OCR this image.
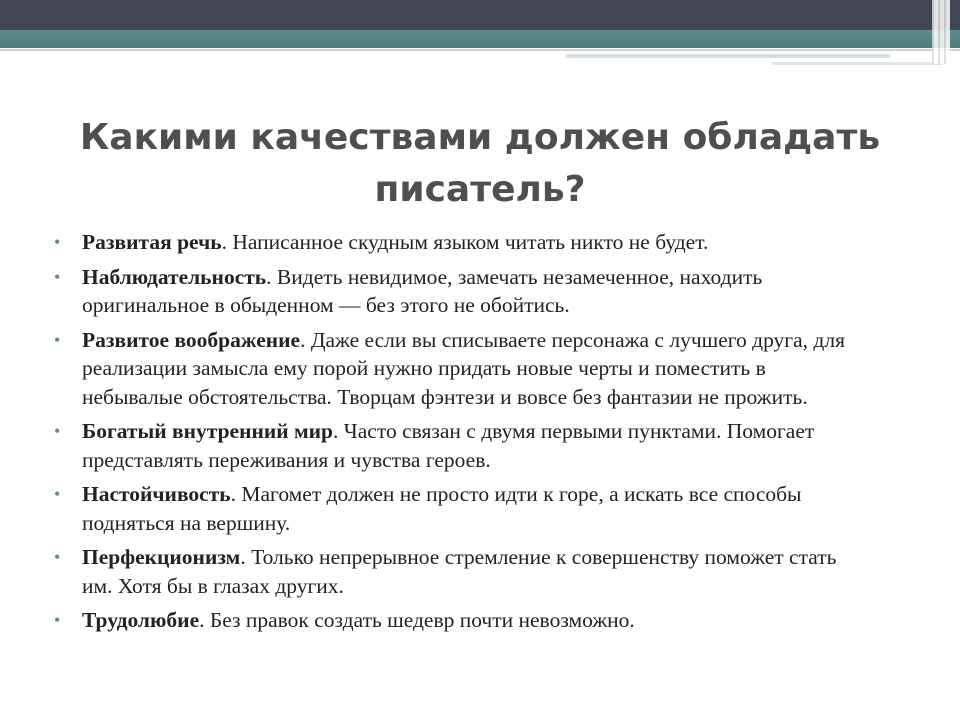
Какими качествами должен обладать писатель?
• Развитая речь. Написанное скудным языком читать никто не будет.
• Наблюдательность. Видеть невидимое, замечать незамеченное, находить оригинальное в обыденном — без этого не обойтись.
• Развитое воображение. Даже если вы списываете персонажа с лучшего друга, для реализации замысла ему порой нужно придать новые черты и поместить в небывалые обстоятельства. Творцам фэнтези и вовсе без фантазии не прожить.
• Богатый внутренний мир. Часто связан с двумя первыми пунктами. Помогает представлять переживания и чувства героев.
• Настойчивость. Магомет должен не просто идти к горе, а искать все способы подняться на вершину.
• Перфекционизм. Только непрерывное стремление к совершенству поможет стать им. Хотя бы в глазах других.
• Трудолюбие. Без правок создать шедевр почти невозможно.
